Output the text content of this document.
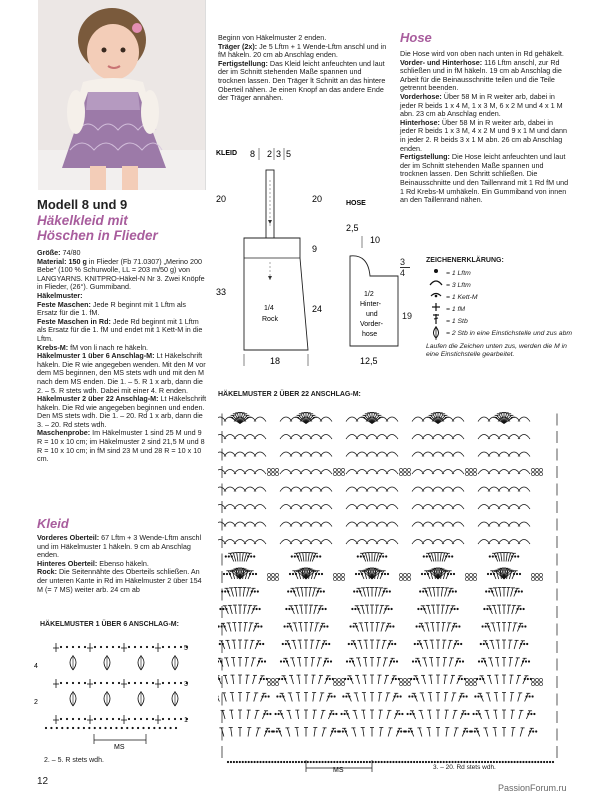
Modell 8 und 9
Häkelkleid mit
Höschen in Flieder
Größe: 74/80
Material: 150 g in Flieder (Fb 71.0307) „Merino 200 Bebe“ (100 % Schurwolle, LL = 203 m/50 g) von LANGYARNS. KNITPRO-Häkel-N Nr 3. Zwei Knöpfe in Flieder, (26°). Gummiband.
Häkelmuster:
Feste Maschen: Jede R beginnt mit 1 Lftm als Ersatz für die 1. fM.
Feste Maschen in Rd: Jede Rd beginnt mit 1 Lftm als Ersatz für die 1. fM und endet mit 1 Kett-M in die Lftm.
Krebs-M: fM von li nach re häkeln.
Häkelmuster 1 über 6 Anschlag-M: Lt Häkelschrift häkeln. Die R wie angegeben wenden. Mit den M vor dem MS beginnen, den MS stets wdh und mit den M nach dem MS enden. Die 1. – 5. R 1 x arb, dann die 2. – 5. R stets wdh. Dabei mit einer 4. R enden.
Häkelmuster 2 über 22 Anschlag-M: Lt Häkelschrift häkeln. Die Rd wie angegeben beginnen und enden. Den MS stets wdh. Die 1. – 20. Rd 1 x arb, dann die 3. – 20. Rd stets wdh.
Maschenprobe: Im Häkelmuster 1 sind 25 M und 9 R = 10 x 10 cm; im Häkelmuster 2 sind 21,5 M und 8 R = 10 x 10 cm; in fM sind 23 M und 28 R = 10 x 10 cm.
Kleid
Vorderes Oberteil: 67 Lftm + 3 Wende-Lftm anschl und im Häkelmuster 1 häkeln. 9 cm ab Anschlag enden.
Hinteres Oberteil: Ebenso häkeln.
Rock: Die Seitennähte des Oberteils schließen. An der unteren Kante in Rd im Häkelmuster 2 über 154 M (= 7 MS) weiter arb. 24 cm ab
Beginn von Häkelmuster 2 enden.
Träger (2x): Je 5 Lftm + 1 Wende-Lftm anschl und in fM häkeln. 20 cm ab Anschlag enden.
Fertigstellung: Das Kleid leicht anfeuchten und laut der im Schnitt stehenden Maße spannen und trocknen lassen. Den Träger lt Schnitt an das hintere Oberteil nähen. Je einen Knopf an das andere Ende der Träger annähen.
Hose
Die Hose wird von oben nach unten in Rd gehäkelt.
Vorder- und Hinterhose: 116 Lftm anschl, zur Rd schließen und in fM häkeln. 19 cm ab Anschlag die Arbeit für die Beinausschnitte teilen und die Teile getrennt beenden.
Vorderhose: Über 58 M in R weiter arb, dabei in jeder R beids 1 x 4 M, 1 x 3 M, 6 x 2 M und 4 x 1 M abn. 23 cm ab Anschlag enden.
Hinterhose: Über 58 M in R weiter arb, dabei in jeder R beids 1 x 3 M, 4 x 2 M und 9 x 1 M und dann in jeder 2. R beids 3 x 1 M abn. 26 cm ab Anschlag enden.
Fertigstellung: Die Hose leicht anfeuchten und laut der im Schnitt stehenden Maße spannen und trocknen lassen. Den Schritt schließen. Die Beinausschnitte und den Taillenrand mit 1 Rd fM und 1 Rd Krebs-M umhäkeln. Ein Gummiband von innen an den Taillenrand nähen.
KLEID 8 2 3 5
20	20
9
33
24
1/4
Rock
18
HOSE
2,5
10
1/2
Hinter-
und
Vorder-
hose
12,5
3
4
19
ZEICHENERKLÄRUNG:
= 1 Lftm
= 3 Lftm
= 1 Kett-M
= 1 fM
= 1 Stb
= 2 Stb in eine Einstichstelle und zus abm
Laufen die Zeichen unten zus, werden die M in eine Einstichstelle gearbeitet.
HÄKELMUSTER 2 ÜBER 22 ANSCHLAG-M:
MS	3. – 20. Rd stets wdh.
HÄKELMUSTER 1 ÜBER 6 ANSCHLAG-M:
5
3
1
4
2
MS
2. – 5. R stets wdh.
12
PassionForum.ru
